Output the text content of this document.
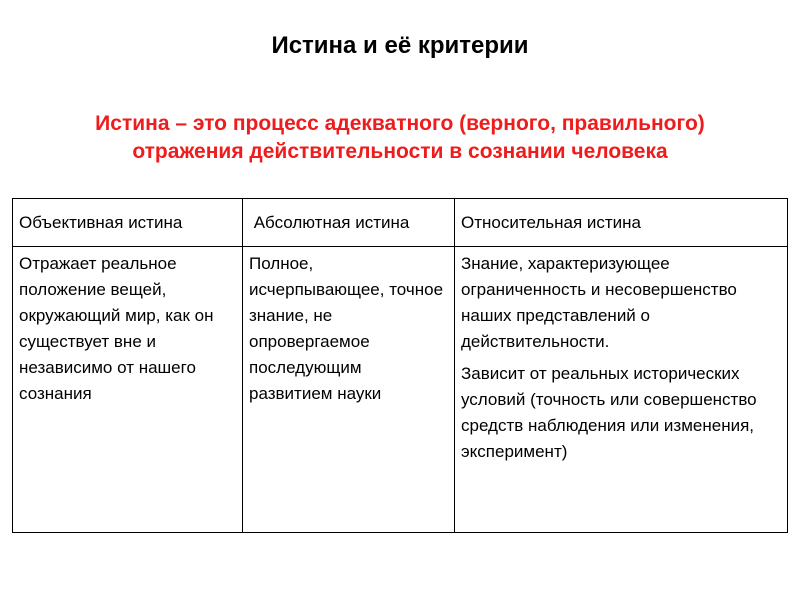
Истина и её критерии
Истина – это процесс адекватного (верного, правильного)
отражения действительности в сознании человека
Объективная истина	Абсолютная истина	Относительная истина
Отражает реальное положение вещей, окружающий мир, как он существует вне и независимо от нашего сознания	Полное, исчерпывающее, точное знание, не опровергаемое последующим развитием науки	Знание, характеризующее ограниченность и несовершенство наших представлений о действительности.
Зависит от реальных исторических условий (точность или совершенство средств наблюдения или изменения, эксперимент)
